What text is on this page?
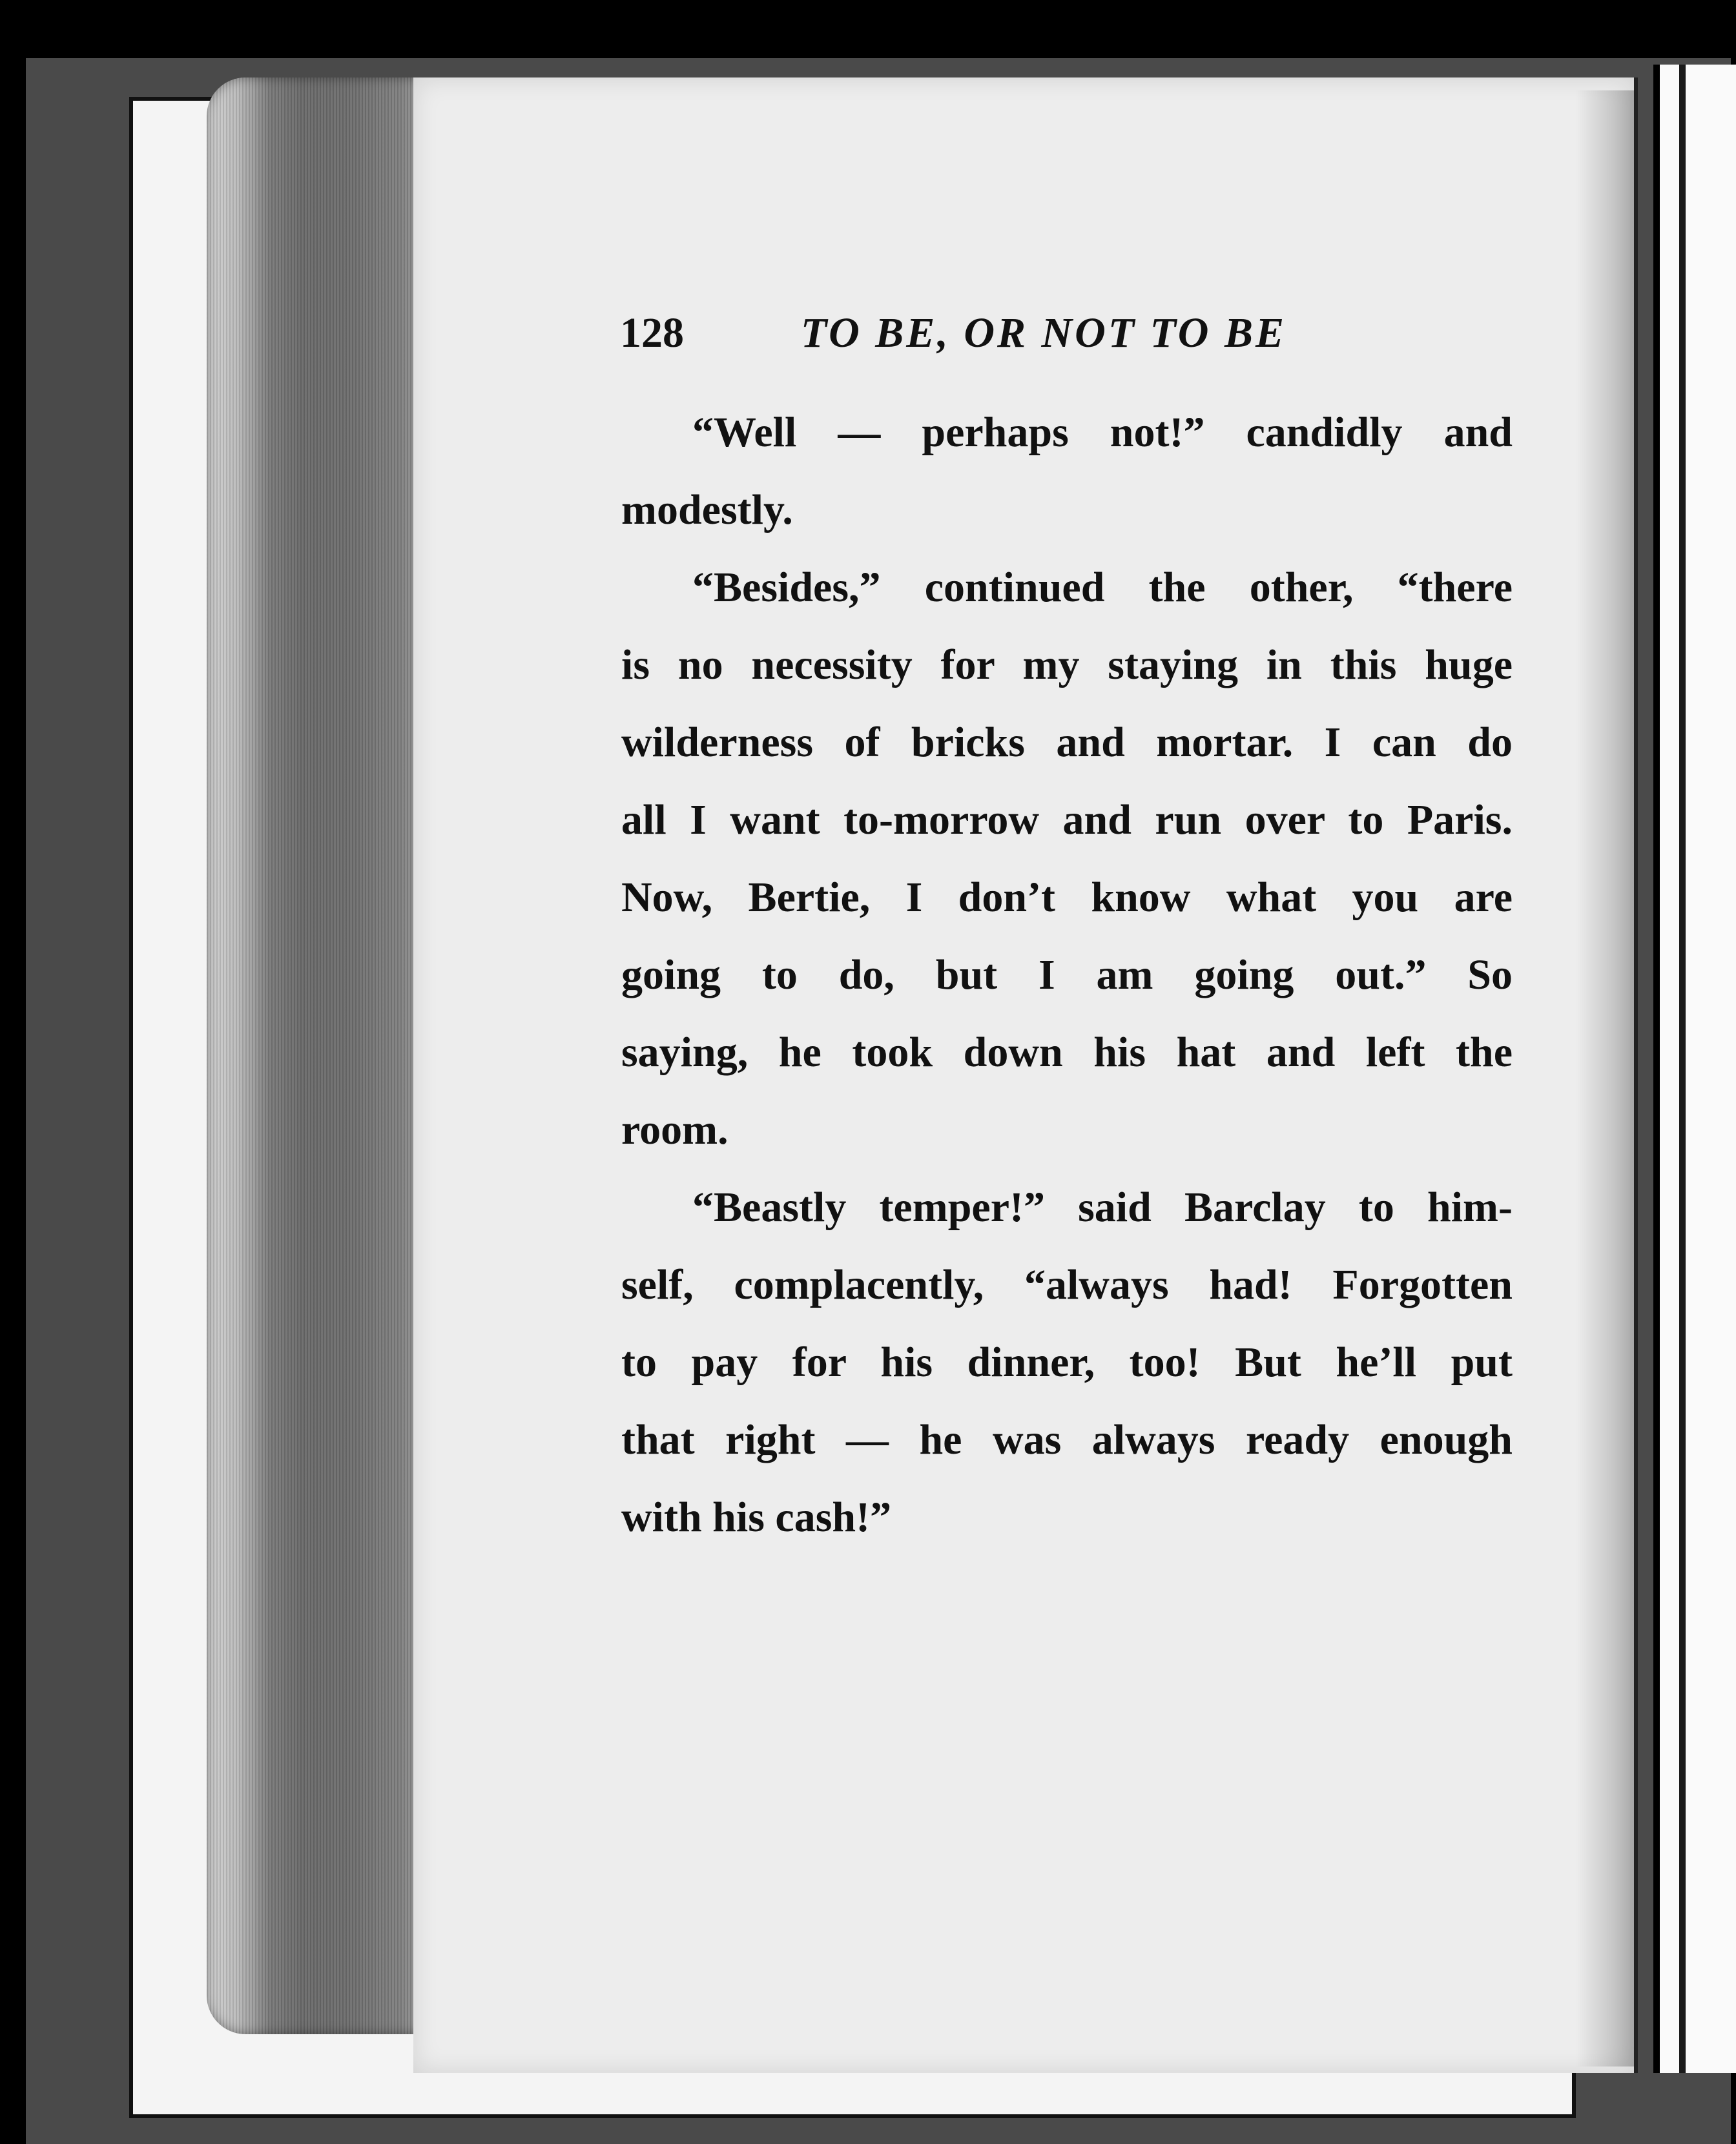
128	TO BE, OR NOT TO BE
“Well — perhaps not!” candidly and
modestly.
“Besides,” continued the other, “there
is no necessity for my staying in this huge
wilderness of bricks and mortar. I can do
all I want to-morrow and run over to Paris.
Now, Bertie, I don’t know what you are
going to do, but I am going out.” So
saying, he took down his hat and left the
room.
“Beastly temper!” said Barclay to him-
self, complacently, “always had! Forgotten
to pay for his dinner, too! But he’ll put
that right — he was always ready enough
with his cash!”
